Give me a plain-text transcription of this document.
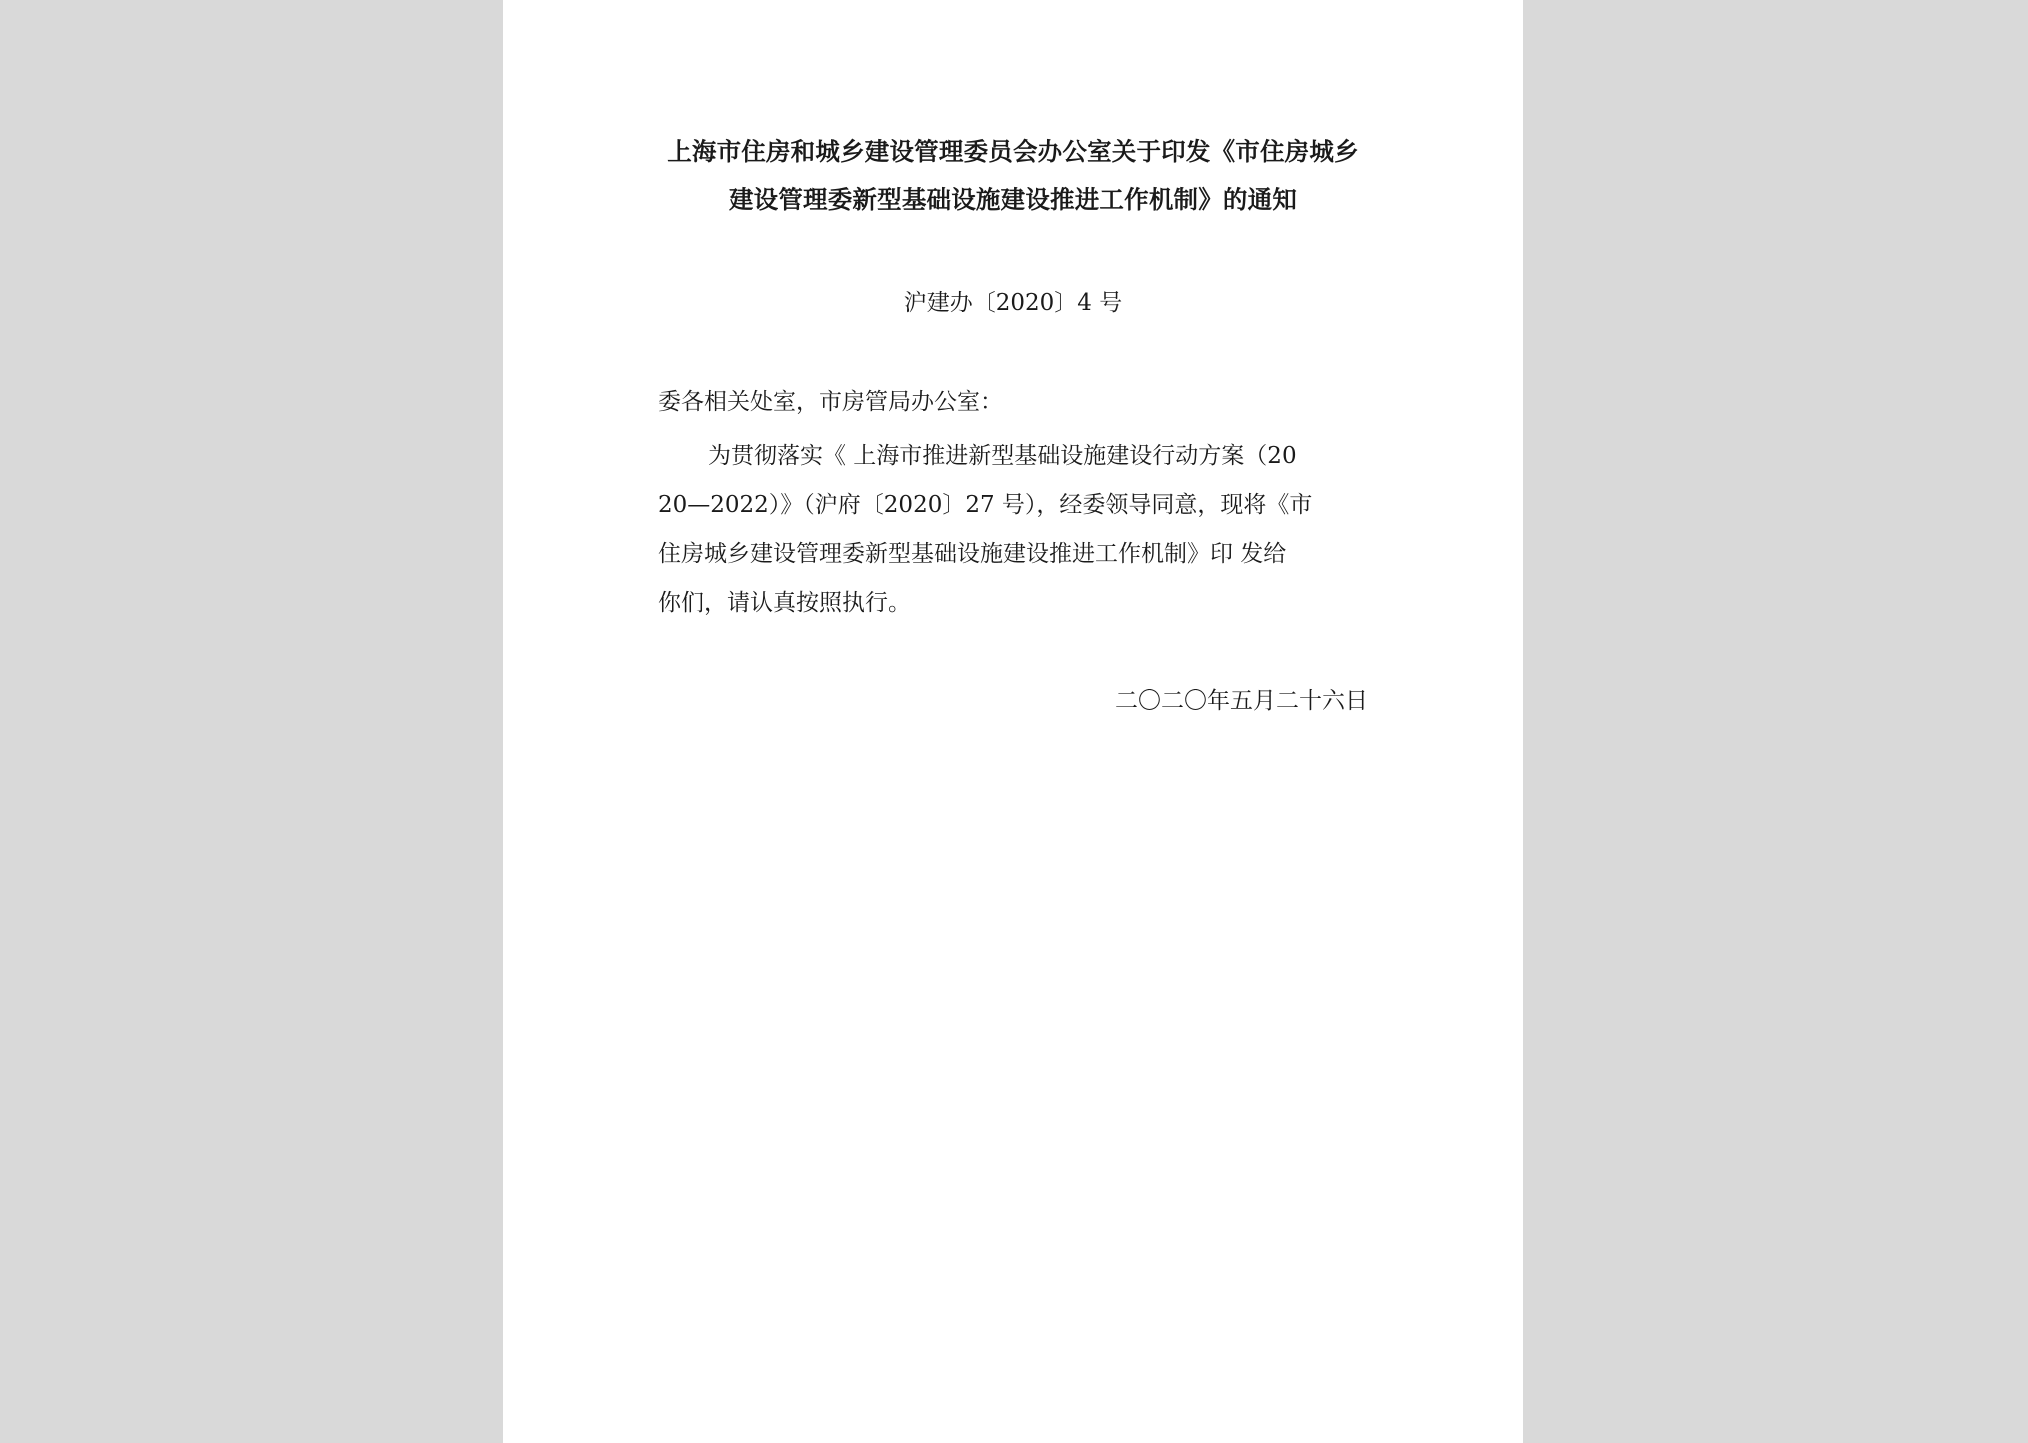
上海市住房和城乡建设管理委员会办公室关于印发《市住房城乡
建设管理委新型基础设施建设推进工作机制》的通知
沪建办〔2020〕4 号
委各相关处室，市房管局办公室：
为贯彻落实《 上海市推进新型基础设施建设行动方案（20
20—2022）》（沪府〔2020〕27 号），经委领导同意，现将《市
住房城乡建设管理委新型基础设施建设推进工作机制》印 发给
你们，请认真按照执行。
二〇二〇年五月二十六日
